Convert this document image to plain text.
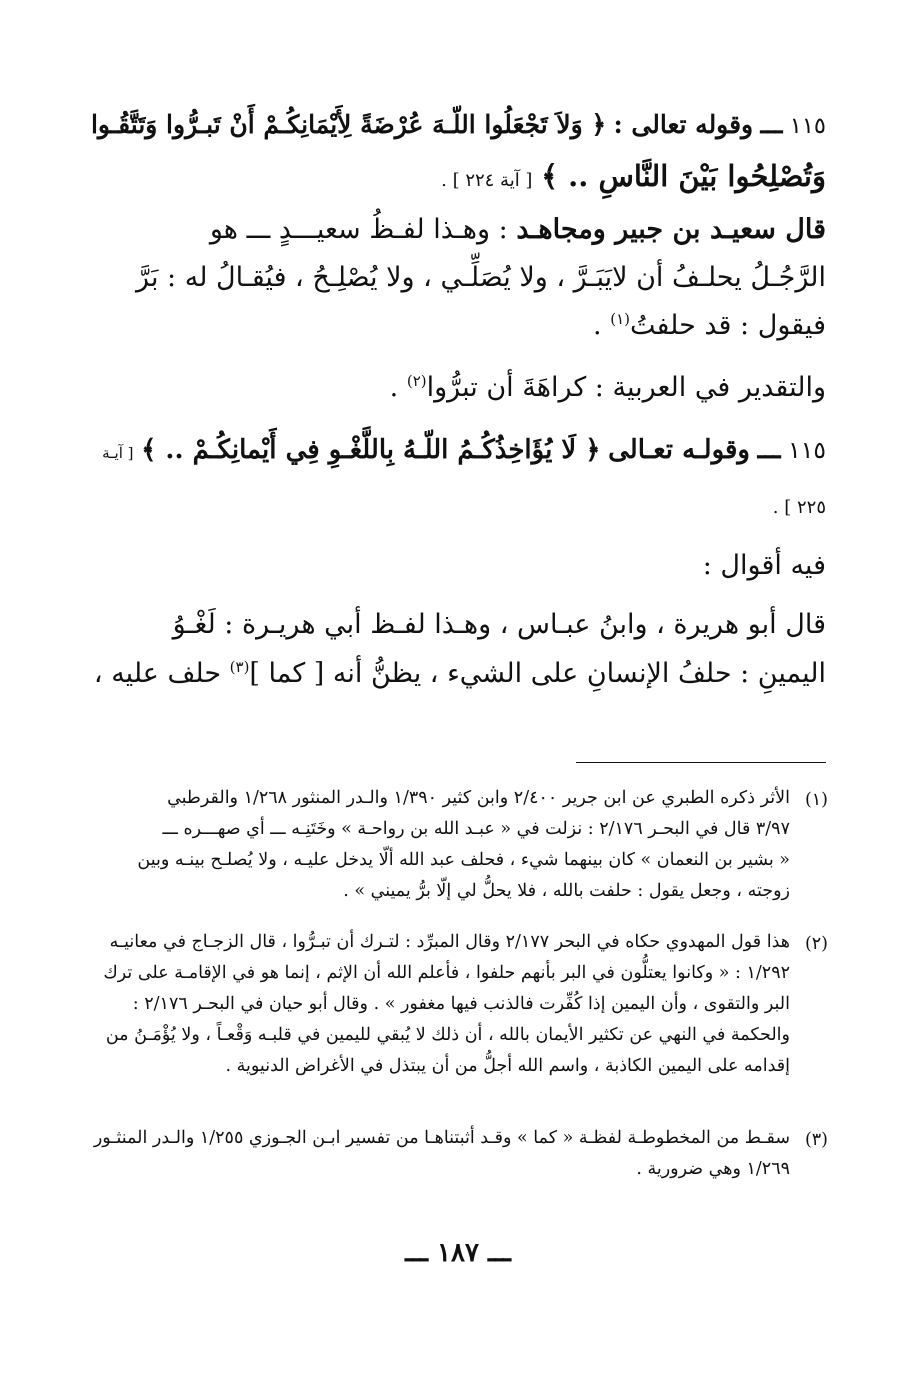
١١٥ ـــ وقوله تعالى : ﴿ وَلاَ تَجْعَلُوا اللّـهَ عُرْضَةً لِأَيْمَانِكُـمْ أَنْ تَبـرُّوا وَتَتَّقُـوا
وَتُصْلِحُوا بَيْنَ النَّاسِ .. ﴾ [ آية ٢٢٤ ] .
قال سعيـد بن جبير ومجاهـد : وهـذا لفـظُ سعيـــدٍ ـــ هو
الرَّجُـلُ يحلـفُ أن لايَبَـرَّ ، ولا يُصَلِّـي ، ولا يُصْلِـحُ ، فيُقـالُ له : بَرَّ
فيقول : قد حلفتُ$^{(١)}$ .
والتقدير في العربية : كراهَةَ أن تبرُّوا$^{(٢)}$ .
١١٥ ـــ وقولـه تعـالى ﴿ لَا يُؤَاخِذُكُـمُ اللّـهُ بِاللَّغْـوِ فِي أَيْمانِكُـمْ .. ﴾ [ آيـة
٢٢٥ ] .
فيه أقوال :
قال أبو هريرة ، وابنُ عبـاس ، وهـذا لفـظ أبي هريـرة : لَغْـوُ
اليمينِ : حلفُ الإنسانِ على الشيء ، يظنُّ أنه [ كما ]$^{(٣)}$ حلف عليه ،
(١)
الأثر ذكره الطبري عن ابن جرير ٢/٤٠٠ وابن كثير ١/٣٩٠ والـدر المنثور ١/٢٦٨ والقرطبي
٣/٩٧ قال في البحـر ٢/١٧٦ : نزلت في « عبـد الله بن رواحـة » وخَتَنِـه ـــ أي صهـــره ـــ
« بشير بن النعمان » كان بينهما شيء ، فحلف عبد الله ألّا يدخل عليـه ، ولا يُصلـح بينـه وبين
زوجته ، وجعل يقول : حلفت بالله ، فلا يحلُّ لي إلّا برُّ يميني » .
(٢)
هذا قول المهدوي حكاه في البحر ٢/١٧٧ وقال المبرِّد : لتـرك أن تبـرُّوا ، قال الزجـاج في معانيـه
١/٢٩٢ : « وكانوا يعتلُّون في البر بأنهم حلفوا ، فأعلم الله أن الإثم ، إنما هو في الإقامـة على ترك
البر والتقوى ، وأن اليمين إذا كُفِّرت فالذنب فيها مغفور » . وقال أبو حيان في البحـر ٢/١٧٦ :
والحكمة في النهي عن تكثير الأيمان بالله ، أن ذلك لا يُبقي لليمين في قلبـه وَقْعـاً ، ولا يُؤْمَـنُ من
إقدامه على اليمين الكاذبة ، واسم الله أجلُّ من أن يبتذل في الأغراض الدنيوية .
(٣)
سقـط من المخطوطـة لفظـة « كما » وقـد أثبتناهـا من تفسير ابـن الجـوزي ١/٢٥٥ والـدر المنثـور
١/٢٦٩ وهي ضرورية .
ـــ ١٨٧ ـــ
